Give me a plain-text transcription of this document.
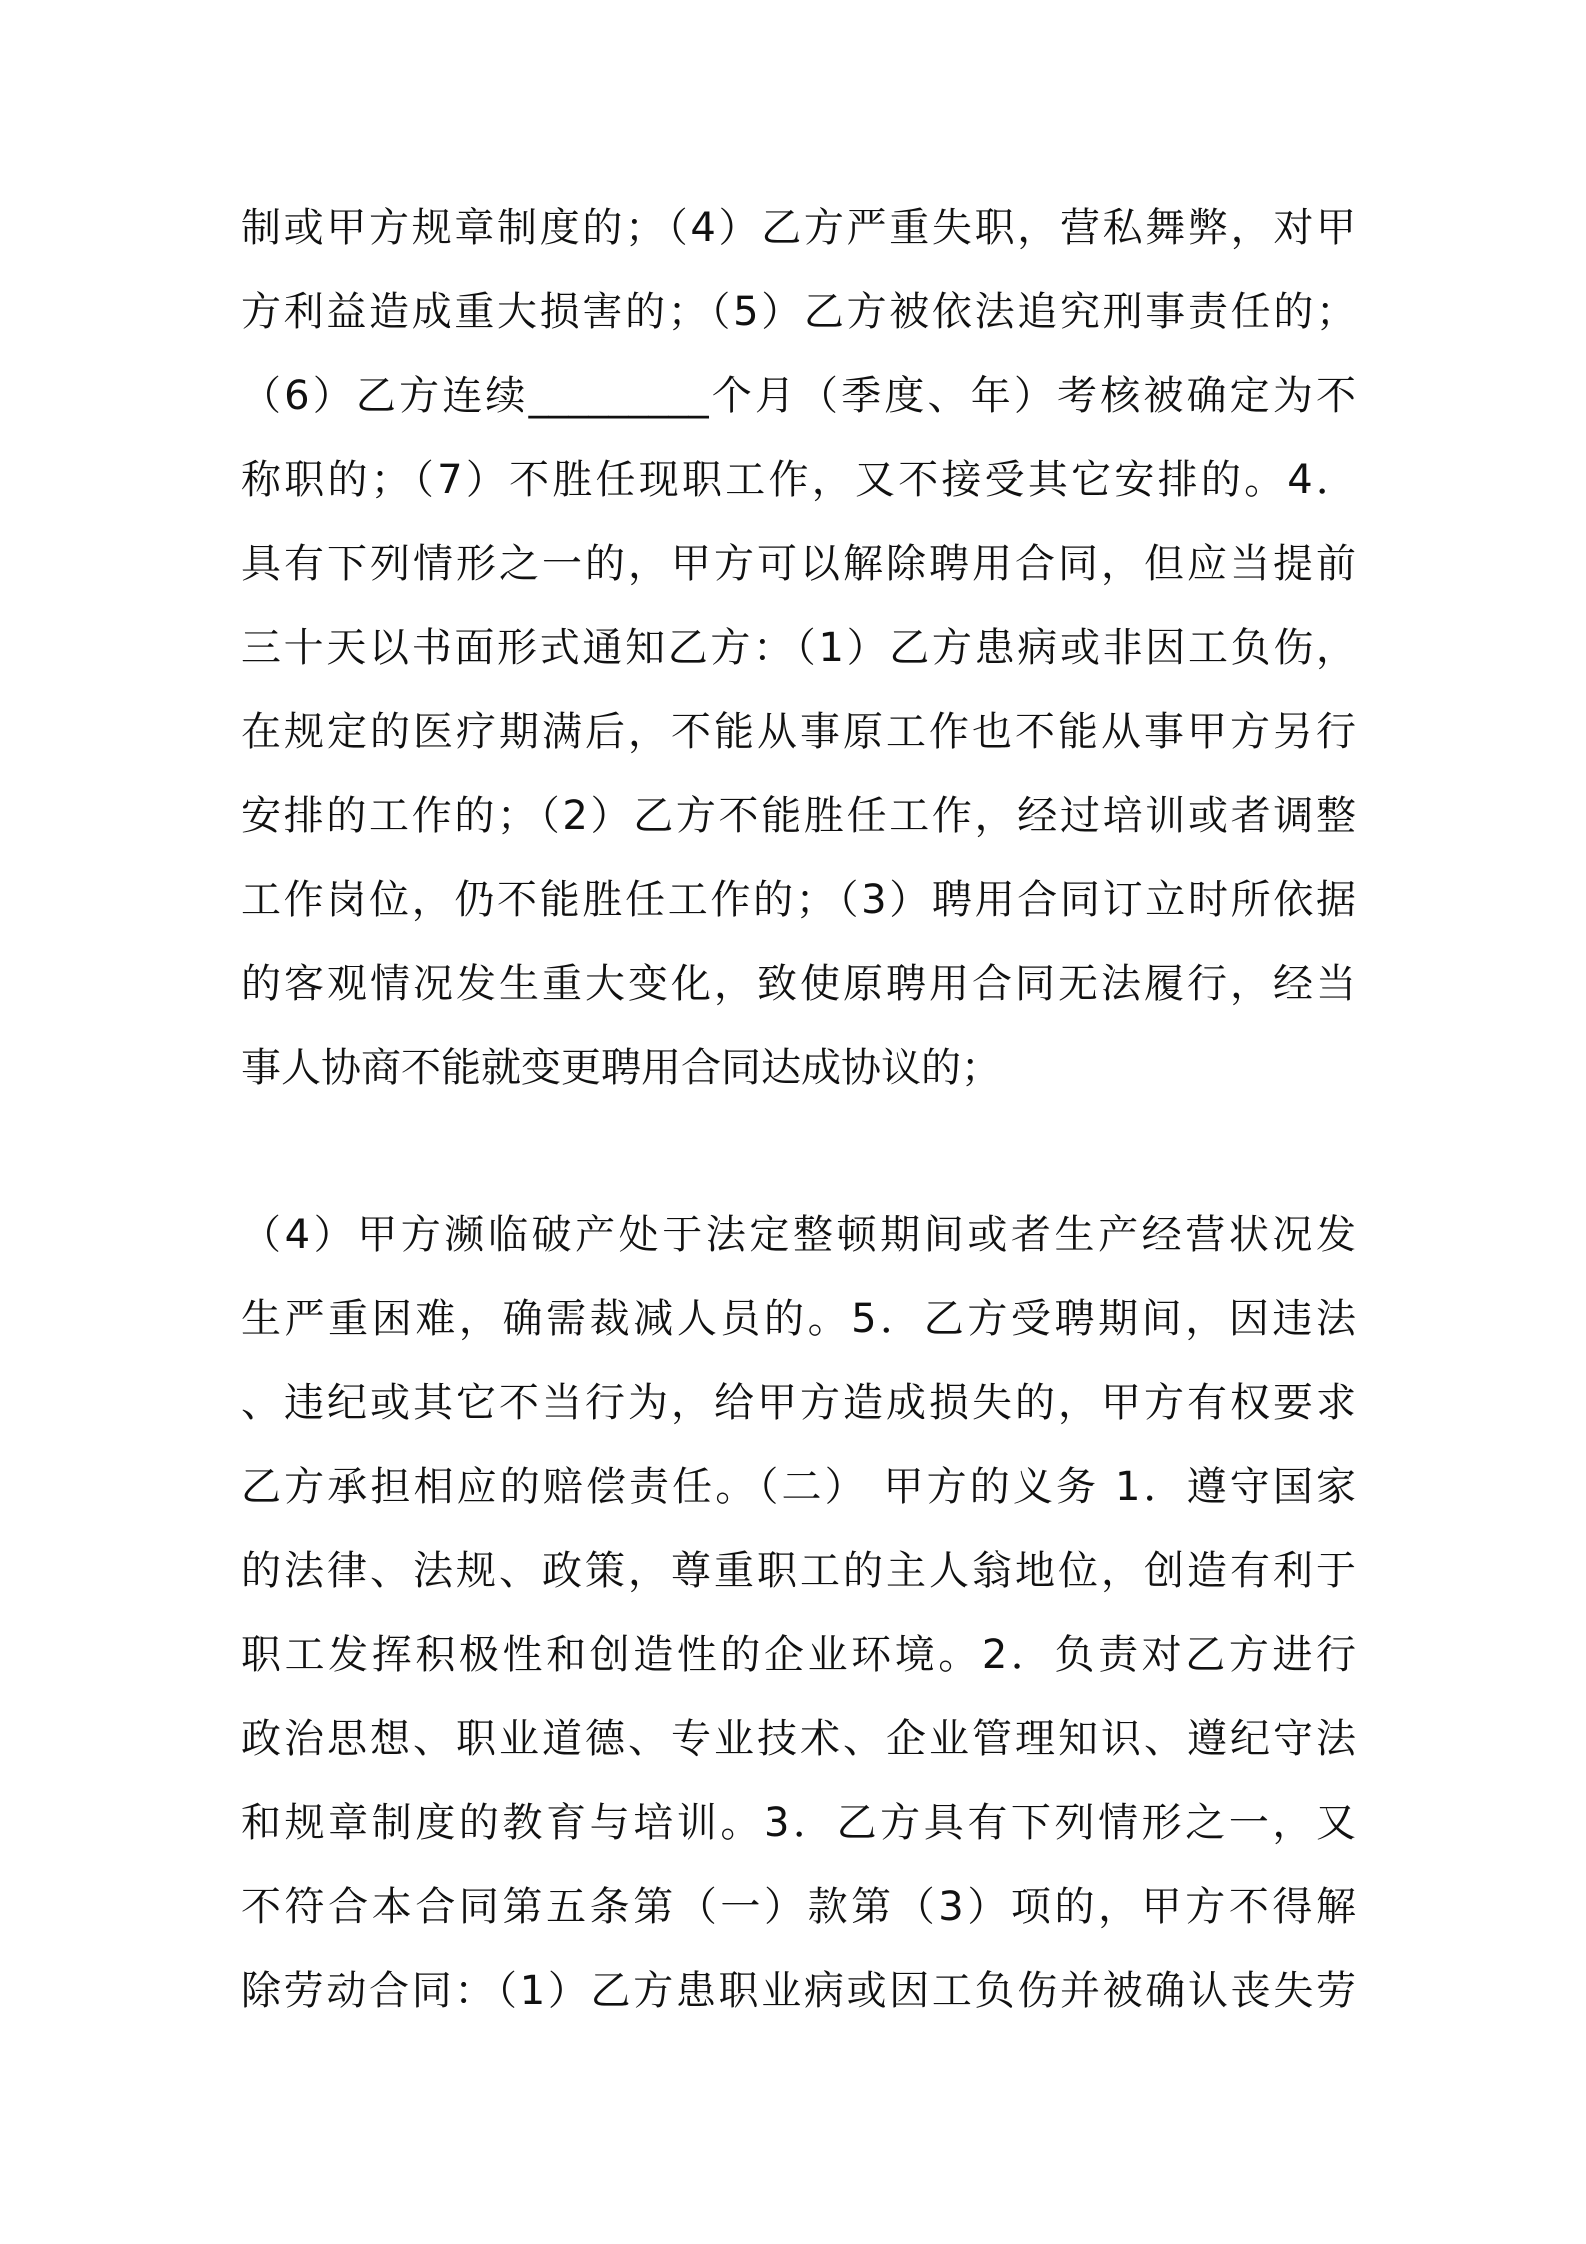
制或甲方规章制度的；（4）乙方严重失职，营私舞弊，对甲
方利益造成重大损害的；（5）乙方被依法追究刑事责任的；
（6）乙方连续_________个月（季度、年）考核被确定为不
称职的；（7）不胜任现职工作，又不接受其它安排的。4．
具有下列情形之一的，甲方可以解除聘用合同，但应当提前
三十天以书面形式通知乙方：（1）乙方患病或非因工负伤，
在规定的医疗期满后，不能从事原工作也不能从事甲方另行
安排的工作的；（2）乙方不能胜任工作，经过培训或者调整
工作岗位，仍不能胜任工作的；（3）聘用合同订立时所依据
的客观情况发生重大变化，致使原聘用合同无法履行，经当
事人协商不能就变更聘用合同达成协议的；
（4）甲方濒临破产处于法定整顿期间或者生产经营状况发
生严重困难，确需裁减人员的。5．乙方受聘期间，因违法
、违纪或其它不当行为，给甲方造成损失的，甲方有权要求
乙方承担相应的赔偿责任。（二） 甲方的义务 1．遵守国家
的法律、法规、政策，尊重职工的主人翁地位，创造有利于
职工发挥积极性和创造性的企业环境。2．负责对乙方进行
政治思想、职业道德、专业技术、企业管理知识、遵纪守法
和规章制度的教育与培训。3．乙方具有下列情形之一，又
不符合本合同第五条第（一）款第（3）项的，甲方不得解
除劳动合同：（1）乙方患职业病或因工负伤并被确认丧失劳
